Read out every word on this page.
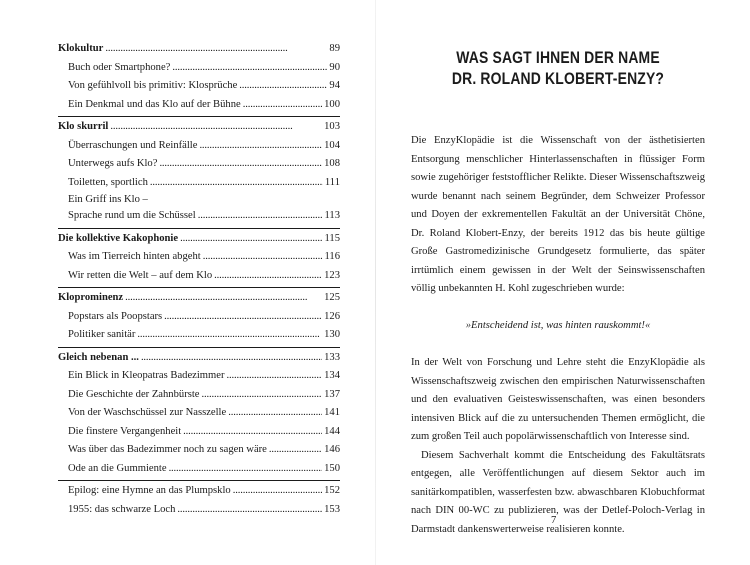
Klokultur . . .	89
Buch oder Smartphone? . . .	90
Von gefühlvoll bis primitiv: Klosprüche . . .	94
Ein Denkmal und das Klo auf der Bühne . . .	100
Klo skurril . . .	103
Überraschungen und Reinfälle . . .	104
Unterwegs aufs Klo? . . .	108
Toiletten, sportlich . . .	111
Ein Griff ins Klo –
Sprache rund um die Schüssel . . .	113
Die kollektive Kakophonie . . .	115
Was im Tierreich hinten abgeht . . .	116
Wir retten die Welt – auf dem Klo . . .	123
Kloprominenz . . .	125
Popstars als Poopstars . . .	126
Politiker sanitär . . .	130
Gleich nebenan ... . . .	133
Ein Blick in Kleopatras Badezimmer . . .	134
Die Geschichte der Zahnbürste . . .	137
Von der Waschschüssel zur Nasszelle . . .	141
Die finstere Vergangenheit . . .	144
Was über das Badezimmer noch zu sagen wäre . . .	146
Ode an die Gummiente . . .	150
Epilog: eine Hymne an das Plumpsklo . . .	152
1955: das schwarze Loch . . .	153
WAS SAGT IHNEN DER NAME
DR. ROLAND KLOBERT-ENZY?

Die EnzyKlopädie ist die Wissenschaft von der ästhetisierten Entsorgung menschlicher Hinterlassenschaften in flüssiger Form sowie zugehöriger feststofflicher Relikte. Dieser Wissenschaftszweig wurde benannt nach seinem Begründer, dem Schweizer Professor und Doyen der exkrementellen Fakultät an der Universität Chöne, Dr. Roland Klobert-Enzy, der bereits 1912 das bis heute gültige Große Gastromedizinische Grundgesetz formulierte, das später irrtümlich einem gewissen in der Welt der Seinswissenschaften völlig unbekannten H. Kohl zugeschrieben wurde:

»Entscheidend ist, was hinten rauskommt!«

In der Welt von Forschung und Lehre steht die EnzyKlopädie als Wissenschaftszweig zwischen den empirischen Naturwissenschaften und den evaluativen Geisteswissenschaften, was einen besonders intensiven Blick auf die zu untersuchenden Themen ermöglicht, die zum großen Teil auch popolärwissenschaftlich von Interesse sind.

Diesem Sachverhalt kommt die Entscheidung des Fakultätsrats entgegen, alle Veröffentlichungen auf diesem Sektor auch im sanitärkompatiblen, wasserfesten bzw. abwaschbaren Klobuchformat nach DIN 00-WC zu publizieren, was der Detlef-Poloch-Verlag in Darmstadt dankenswerterweise realisieren konnte.

7
